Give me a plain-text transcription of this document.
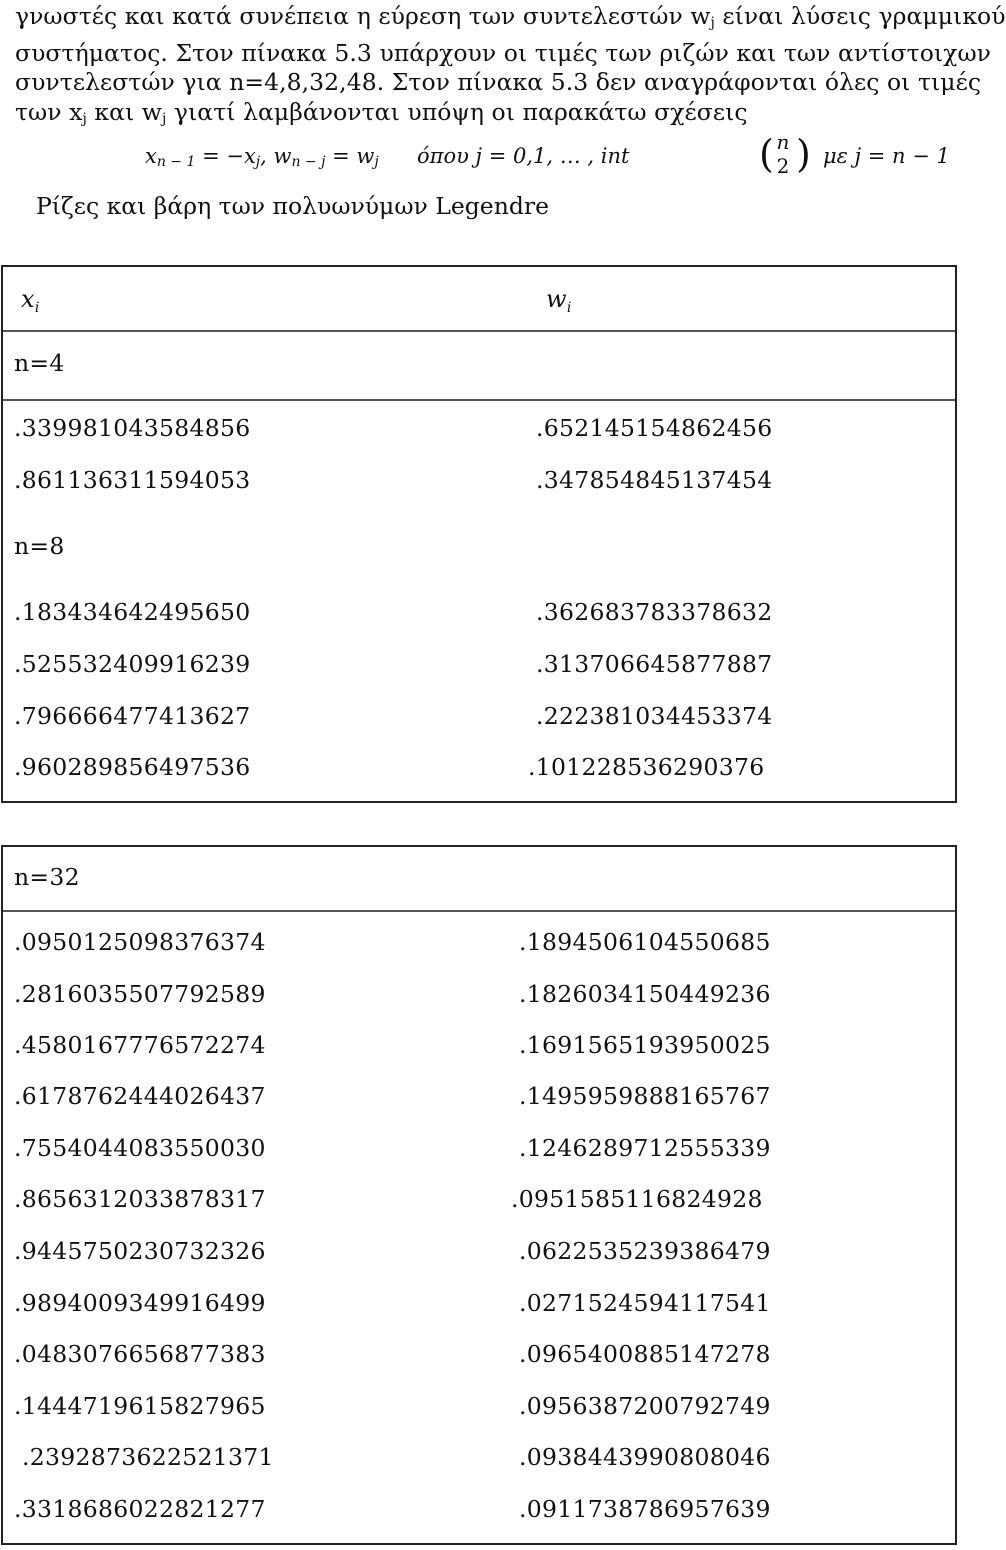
γνωστές και κατά συνέπεια η εύρεση των συντελεστών $w_j$ είναι λύσεις γραμμικού
συστήματος. Στον πίνακα 5.3 υπάρχουν οι τιμές των ριζών και των αντίστοιχων
συντελεστών για n=4,8,32,48. Στον πίνακα 5.3 δεν αναγράφονται όλες οι τιμές
των $x_j$ και $w_j$ γιατί λαμβάνονται υπόψη οι παρακάτω σχέσεις
$x_{n - 1} = -x_j$, $w_{n - j} = w_j$ όπου j = 0,1, … , int	( n
2 ) με j = n − 1
Ρίζες και βάρη των πολυωνύμων Legendre
$x_i$	$w_i$
n=4
.339981043584856	.652145154862456
.861136311594053	.347854845137454
n=8
.183434642495650	.362683783378632
.525532409916239	.313706645877887
.796666477413627	.222381034453374
.960289856497536	.101228536290376
n=32
.0950125098376374	.1894506104550685
.2816035507792589	.1826034150449236
.4580167776572274	.1691565193950025
.6178762444026437	.1495959888165767
.7554044083550030	.1246289712555339
.8656312033878317	.0951585116824928
.9445750230732326	.0622535239386479
.9894009349916499	.0271524594117541
.0483076656877383	.0965400885147278
.1444719615827965	.0956387200792749
.2392873622521371	.0938443990808046
.3318686022821277	.0911738786957639
